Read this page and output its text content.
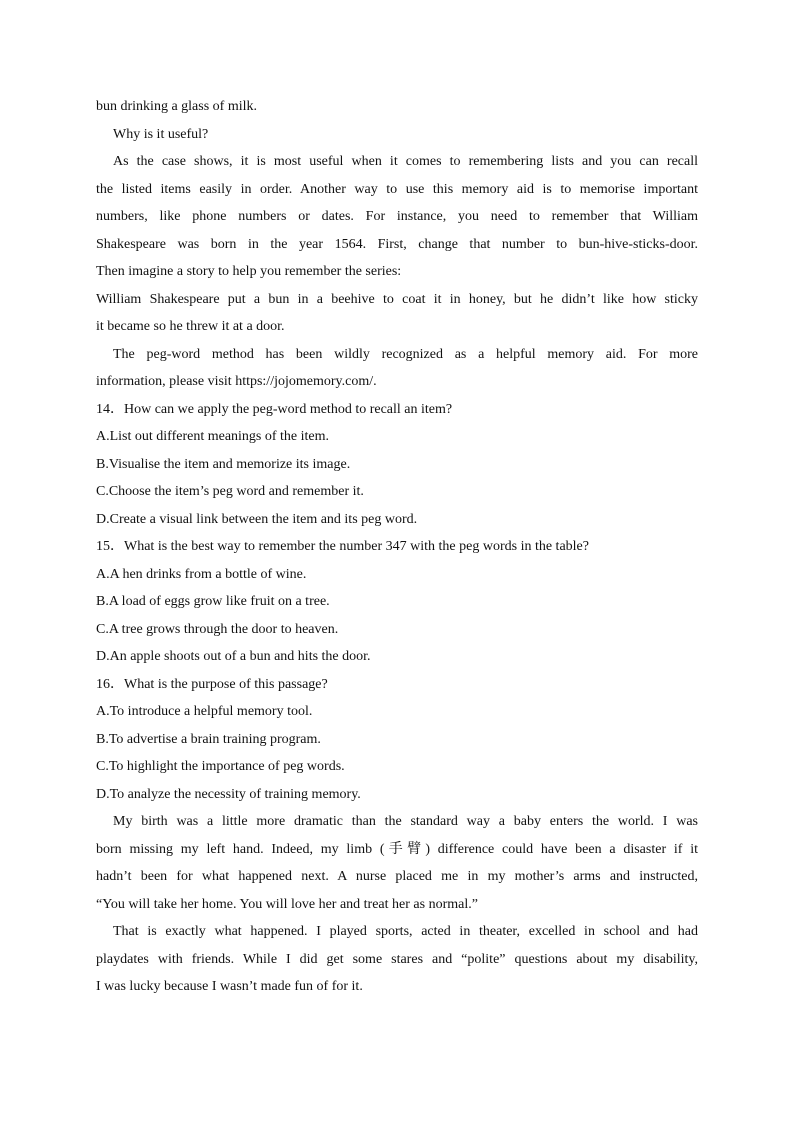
bun drinking a glass of milk.
Why is it useful?
As the case shows, it is most useful when it comes to remembering lists and you can recall
the listed items easily in order. Another way to use this memory aid is to memorise important
numbers, like phone numbers or dates. For instance, you need to remember that William
Shakespeare was born in the year 1564. First, change that number to bun-hive-sticks-door.
Then imagine a story to help you remember the series:
William Shakespeare put a bun in a beehive to coat it in honey, but he didn’t like how sticky
it became so he threw it at a door.
The peg-word method has been wildly recognized as a helpful memory aid. For more
information, please visit https://jojomemory.com/.
14．How can we apply the peg-word method to recall an item?
A.List out different meanings of the item.
B.Visualise the item and memorize its image.
C.Choose the item’s peg word and remember it.
D.Create a visual link between the item and its peg word.
15．What is the best way to remember the number 347 with the peg words in the table?
A.A hen drinks from a bottle of wine.
B.A load of eggs grow like fruit on a tree.
C.A tree grows through the door to heaven.
D.An apple shoots out of a bun and hits the door.
16．What is the purpose of this passage?
A.To introduce a helpful memory tool.
B.To advertise a brain training program.
C.To highlight the importance of peg words.
D.To analyze the necessity of training memory.
My birth was a little more dramatic than the standard way a baby enters the world. I was
born missing my left hand. Indeed, my limb (手臂) difference could have been a disaster if it
hadn’t been for what happened next. A nurse placed me in my mother’s arms and instructed,
“You will take her home. You will love her and treat her as normal.”
That is exactly what happened. I played sports, acted in theater, excelled in school and had
playdates with friends. While I did get some stares and “polite” questions about my disability,
I was lucky because I wasn’t made fun of for it.
